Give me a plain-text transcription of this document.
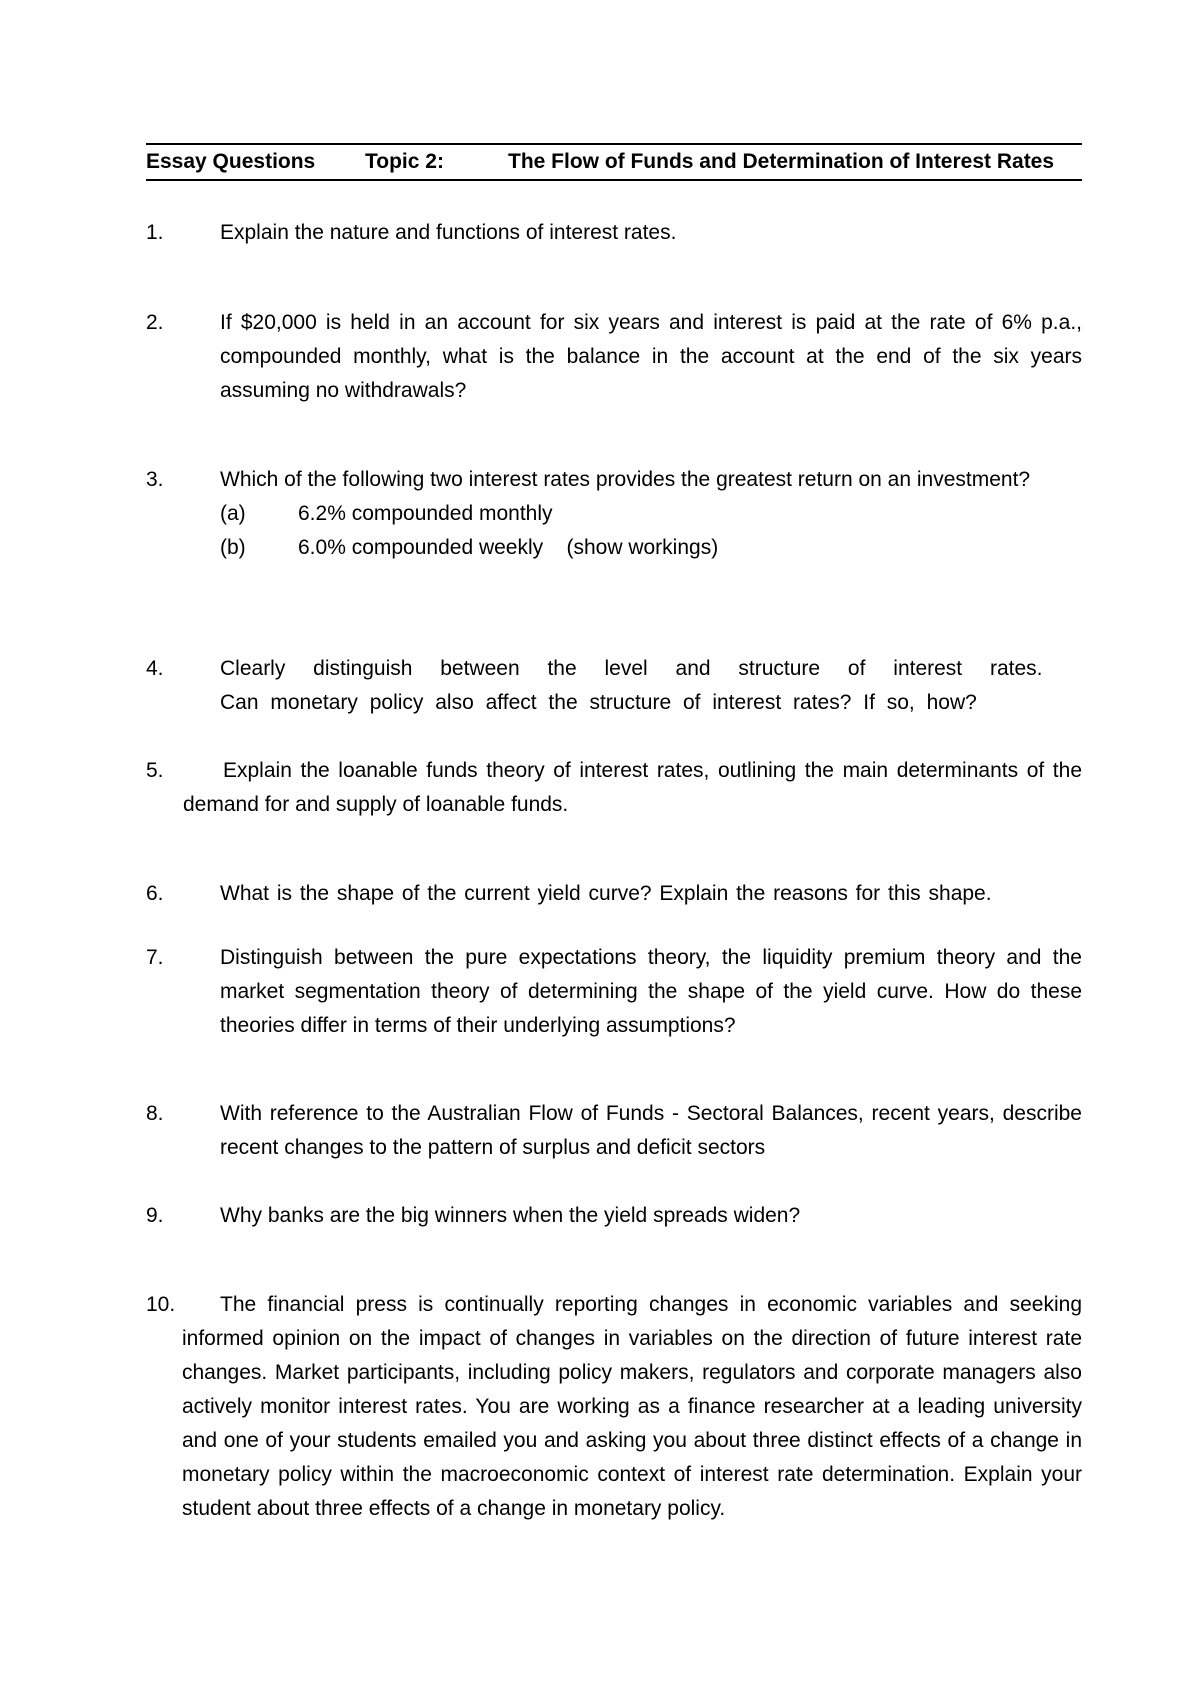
Essay Questions Topic 2:	The Flow of Funds and Determination of Interest Rates
1.	Explain the nature and functions of interest rates.
2.	If $20,000 is held in an account for six years and interest is paid at the rate of 6% p.a., compounded monthly, what is the balance in the account at the end of the six years assuming no withdrawals?
3.	Which of the following two interest rates provides the greatest return on an investment?
(a) 6.2% compounded monthly
(b) 6.0% compounded weekly    (show workings)
4.	Clearly distinguish between the level and structure of interest rates.
Can monetary policy also affect the structure of interest rates? If so, how?
5.	Explain the loanable funds theory of interest rates, outlining the main determinants of the demand for and supply of loanable funds.
6.	What is the shape of the current yield curve? Explain the reasons for this shape.
7.	Distinguish between the pure expectations theory, the liquidity premium theory and the market segmentation theory of determining the shape of the yield curve. How do these theories differ in terms of their underlying assumptions?
8.	With reference to the Australian Flow of Funds - Sectoral Balances, recent years, describe recent changes to the pattern of surplus and deficit sectors
9.	Why banks are the big winners when the yield spreads widen?
10.	The financial press is continually reporting changes in economic variables and seeking informed opinion on the impact of changes in variables on the direction of future interest rate changes. Market participants, including policy makers, regulators and corporate managers also actively monitor interest rates. You are working as a finance researcher at a leading university and one of your students emailed you and asking you about three distinct effects of a change in monetary policy within the macroeconomic context of interest rate determination. Explain your student about three effects of a change in monetary policy.
